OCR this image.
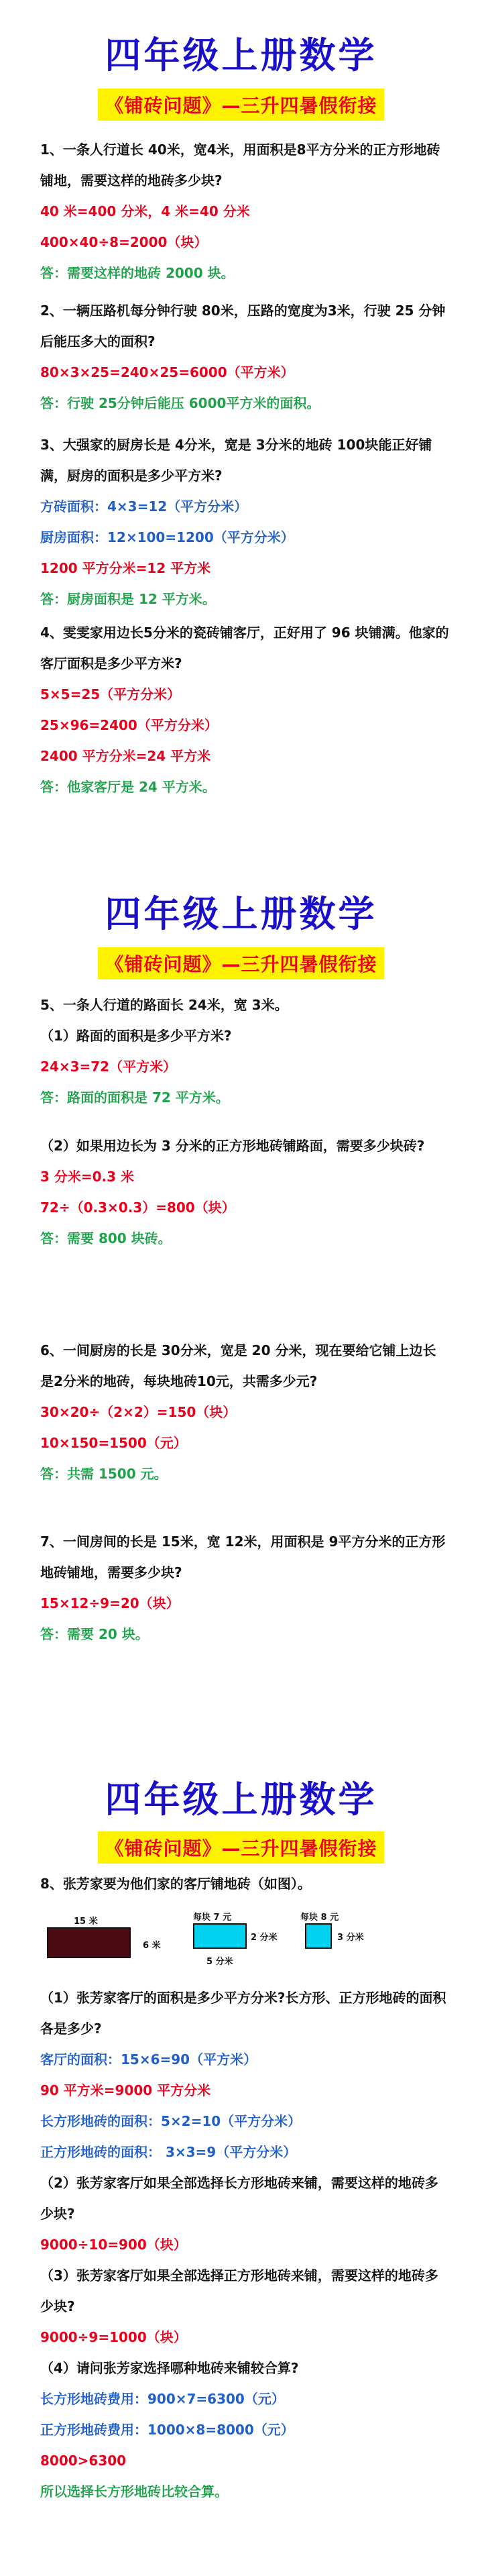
四年级上册数学
《铺砖问题》—三升四暑假衔接
1、一条人行道长 40米，宽4米，用面积是8平方分米的正方形地砖铺地，需要这样的地砖多少块?
40 米=400 分米，4 米=40 分米
400×40÷8=2000（块）
答：需要这样的地砖 2000 块。
2、一辆压路机每分钟行驶 80米，压路的宽度为3米，行驶 25 分钟后能压多大的面积?
80×3×25=240×25=6000（平方米）
答：行驶 25分钟后能压 6000平方米的面积。
3、大强家的厨房长是 4分米，宽是 3分米的地砖 100块能正好铺满，厨房的面积是多少平方米?
方砖面积：4×3=12（平方分米）
厨房面积：12×100=1200（平方分米）
1200 平方分米=12 平方米
答：厨房面积是 12 平方米。
4、雯雯家用边长5分米的瓷砖铺客厅，正好用了 96 块铺满。他家的客厅面积是多少平方米?
5×5=25（平方分米）
25×96=2400（平方分米）
2400 平方分米=24 平方米
答：他家客厅是 24 平方米。
四年级上册数学
《铺砖问题》—三升四暑假衔接
5、一条人行道的路面长 24米，宽 3米。
（1）路面的面积是多少平方米?
24×3=72（平方米）
答：路面的面积是 72 平方米。
（2）如果用边长为 3 分米的正方形地砖铺路面，需要多少块砖?
3 分米=0.3 米
72÷（0.3×0.3）=800（块）
答：需要 800 块砖。
6、一间厨房的长是 30分米，宽是 20 分米，现在要给它铺上边长是2分米的地砖，每块地砖10元，共需多少元?
30×20÷（2×2）=150（块）
10×150=1500（元）
答：共需 1500 元。
7、一间房间的长是 15米，宽 12米，用面积是 9平方分米的正方形地砖铺地，需要多少块?
15×12÷9=20（块）
答：需要 20 块。
四年级上册数学
《铺砖问题》—三升四暑假衔接
8、张芳家要为他们家的客厅铺地砖（如图）。
15 米
6 米
每块 7 元
2 分米
5 分米
每块 8 元
3 分米
（1）张芳家客厅的面积是多少平方分米?长方形、正方形地砖的面积各是多少?
客厅的面积：15×6=90（平方米）
90 平方米=9000 平方分米
长方形地砖的面积：5×2=10（平方分米）
正方形地砖的面积： 3×3=9（平方分米）
（2）张芳家客厅如果全部选择长方形地砖来铺，需要这样的地砖多少块?
9000÷10=900（块）
（3）张芳家客厅如果全部选择正方形地砖来铺，需要这样的地砖多少块?
9000÷9=1000（块）
（4）请问张芳家选择哪种地砖来铺较合算?
长方形地砖费用：900×7=6300（元）
正方形地砖费用：1000×8=8000（元）
8000>6300
所以选择长方形地砖比较合算。
